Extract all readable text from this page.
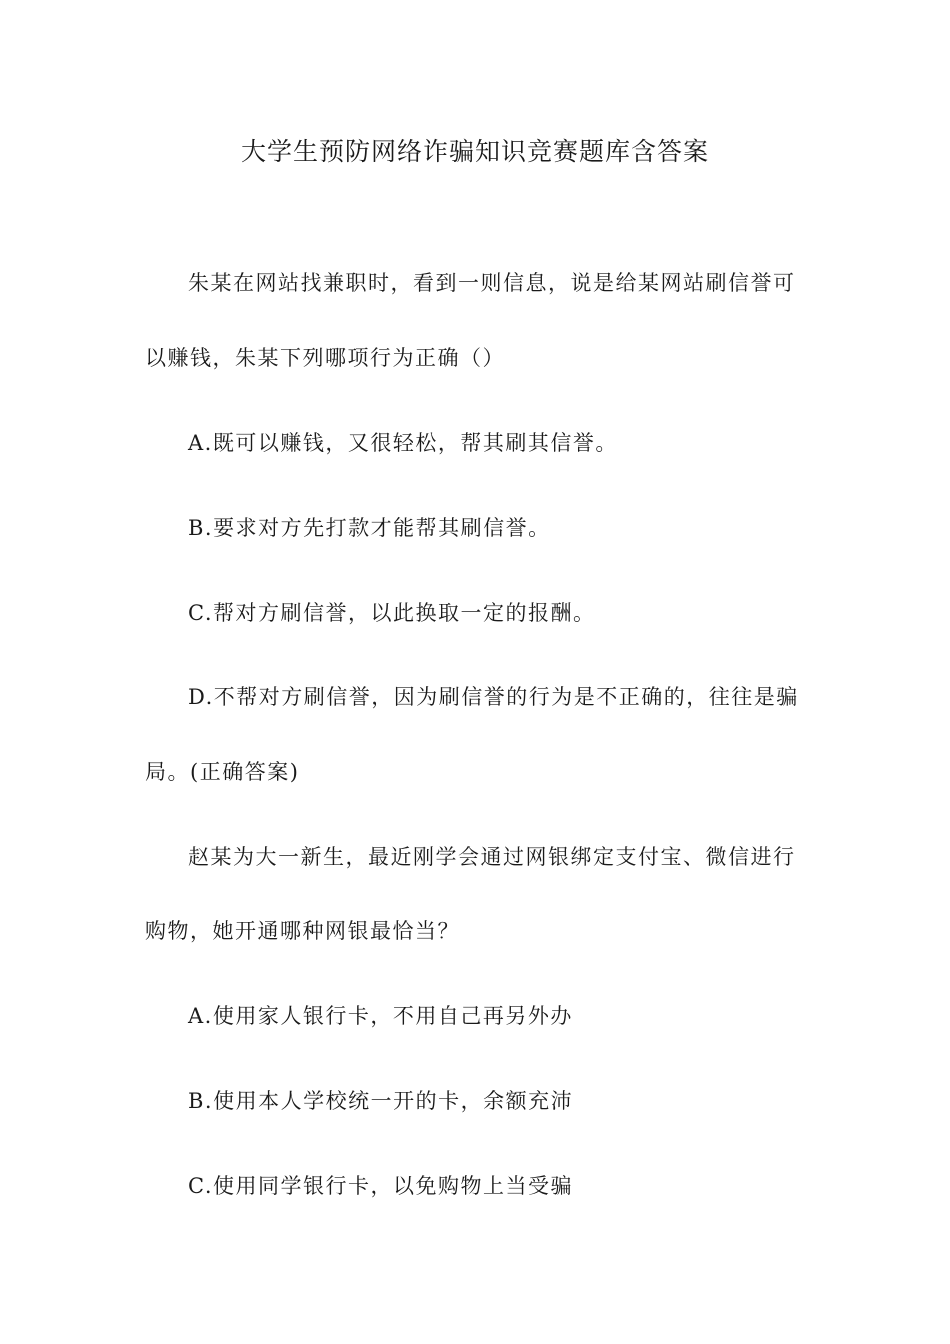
大学生预防网络诈骗知识竞赛题库含答案

朱某在网站找兼职时，看到一则信息，说是给某网站刷信誉可

以赚钱，朱某下列哪项行为正确（）

A.既可以赚钱，又很轻松，帮其刷其信誉。

B.要求对方先打款才能帮其刷信誉。

C.帮对方刷信誉，以此换取一定的报酬。

D.不帮对方刷信誉，因为刷信誉的行为是不正确的，往往是骗

局。(正确答案)

赵某为大一新生，最近刚学会通过网银绑定支付宝、微信进行

购物，她开通哪种网银最恰当？

A.使用家人银行卡，不用自己再另外办

B.使用本人学校统一开的卡，余额充沛

C.使用同学银行卡，以免购物上当受骗
